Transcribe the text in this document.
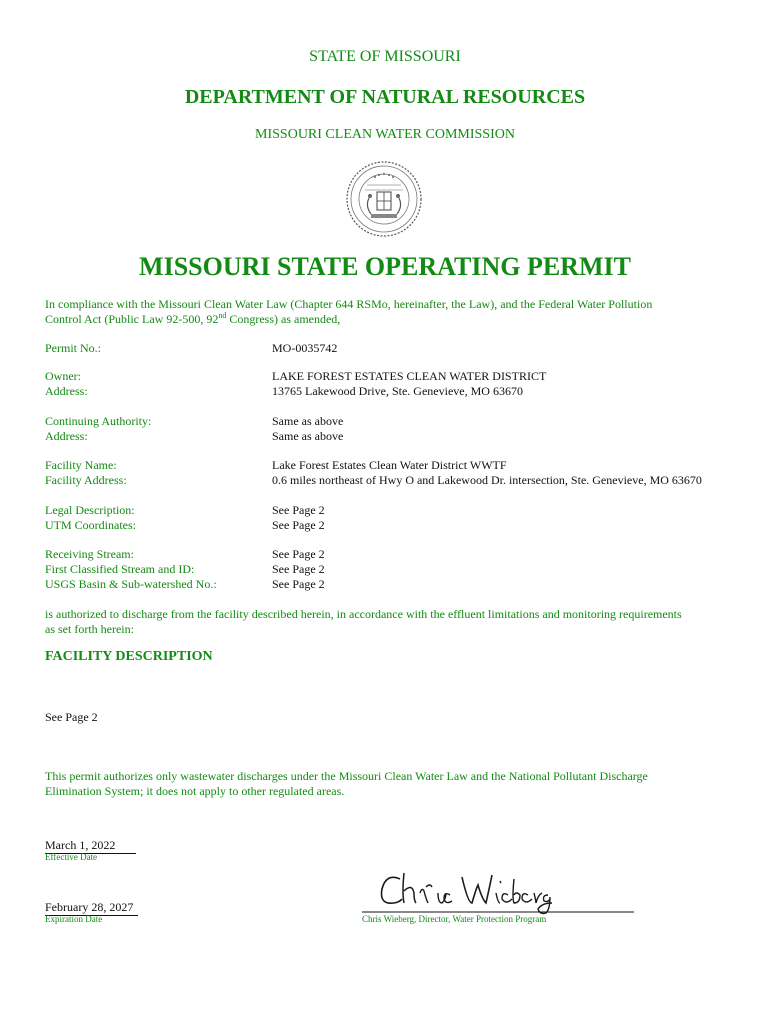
STATE OF MISSOURI
DEPARTMENT OF NATURAL RESOURCES
MISSOURI CLEAN WATER COMMISSION
MISSOURI STATE OPERATING PERMIT
In compliance with the Missouri Clean Water Law (Chapter 644 RSMo, hereinafter, the Law), and the Federal Water Pollution
Control Act (Public Law 92-500, 92nd Congress) as amended,
Permit No.:	MO-0035742
Owner:
Address:
LAKE FOREST ESTATES CLEAN WATER DISTRICT
13765 Lakewood Drive, Ste. Genevieve, MO 63670
Continuing Authority:
Address:
Same as above
Same as above
Facility Name:
Facility Address:
Lake Forest Estates Clean Water District WWTF
0.6 miles northeast of Hwy O and Lakewood Dr. intersection, Ste. Genevieve, MO 63670
Legal Description:
UTM Coordinates:
See Page 2
See Page 2
Receiving Stream:
First Classified Stream and ID:
USGS Basin & Sub-watershed No.:
See Page 2
See Page 2
See Page 2
is authorized to discharge from the facility described herein, in accordance with the effluent limitations and monitoring requirements
as set forth herein:
FACILITY DESCRIPTION
See Page 2
This permit authorizes only wastewater discharges under the Missouri Clean Water Law and the National Pollutant Discharge
Elimination System; it does not apply to other regulated areas.
March 1, 2022
Effective Date
February 28, 2027
Expiration Date	Chris Wieberg, Director, Water Protection Program
